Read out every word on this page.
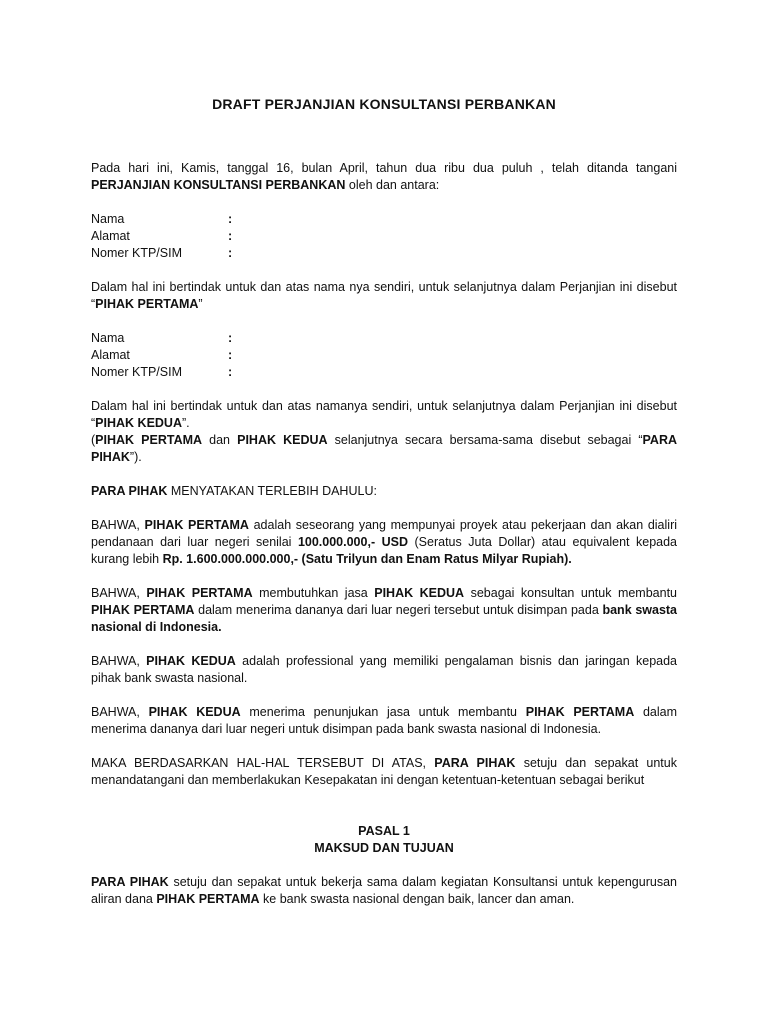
DRAFT PERJANJIAN KONSULTANSI PERBANKAN

Pada hari ini, Kamis, tanggal 16, bulan April, tahun dua ribu dua puluh , telah ditanda tangani PERJANJIAN KONSULTANSI PERBANKAN oleh dan antara:

Nama	:
Alamat	:
Nomer KTP/SIM	:

Dalam hal ini bertindak untuk dan atas nama nya sendiri, untuk selanjutnya dalam Perjanjian ini disebut “PIHAK PERTAMA”

Nama	:
Alamat	:
Nomer KTP/SIM	:

Dalam hal ini bertindak untuk dan atas namanya sendiri, untuk selanjutnya dalam Perjanjian ini disebut “PIHAK KEDUA”.

(PIHAK PERTAMA dan PIHAK KEDUA selanjutnya secara bersama-sama disebut sebagai “PARA PIHAK”).

PARA PIHAK MENYATAKAN TERLEBIH DAHULU:

BAHWA, PIHAK PERTAMA adalah seseorang yang mempunyai proyek atau pekerjaan dan akan dialiri pendanaan dari luar negeri senilai 100.000.000,- USD (Seratus Juta Dollar) atau equivalent kepada kurang lebih Rp. 1.600.000.000.000,- (Satu Trilyun dan Enam Ratus Milyar Rupiah).

BAHWA, PIHAK PERTAMA membutuhkan jasa PIHAK KEDUA sebagai konsultan untuk membantu PIHAK PERTAMA dalam menerima dananya dari luar negeri tersebut untuk disimpan pada bank swasta nasional di Indonesia.

BAHWA, PIHAK KEDUA adalah professional yang memiliki pengalaman bisnis dan jaringan kepada pihak bank swasta nasional.

BAHWA, PIHAK KEDUA menerima penunjukan jasa untuk membantu PIHAK PERTAMA dalam menerima dananya dari luar negeri untuk disimpan pada bank swasta nasional di Indonesia.

MAKA BERDASARKAN HAL-HAL TERSEBUT DI ATAS, PARA PIHAK setuju dan sepakat untuk menandatangani dan memberlakukan Kesepakatan ini dengan ketentuan-ketentuan sebagai berikut

PASAL 1
MAKSUD DAN TUJUAN

PARA PIHAK setuju dan sepakat untuk bekerja sama dalam kegiatan Konsultansi untuk kepengurusan aliran dana PIHAK PERTAMA ke bank swasta nasional dengan baik, lancer dan aman.
